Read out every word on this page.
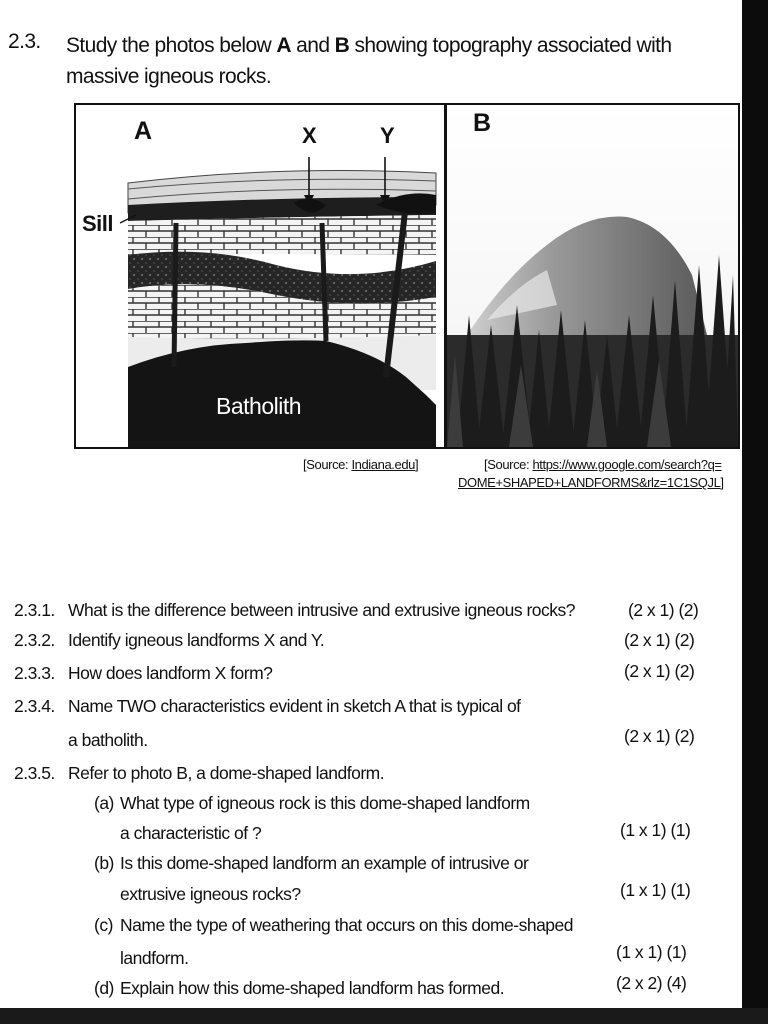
2.3. Study the photos below A and B showing topography associated with massive igneous rocks.
A	X	Y
Sill
Batholith
B
[Source: Indiana.edu]	[Source: https://www.google.com/search?q=
DOME+SHAPED+LANDFORMS&rlz=1C1SQJL]
2.3.1. What is the difference between intrusive and extrusive igneous rocks?	(2 x 1) (2)
2.3.2. Identify igneous landforms X and Y.	(2 x 1) (2)
2.3.3. How does landform X form?	(2 x 1) (2)
2.3.4. Name TWO characteristics evident in sketch A that is typical of
a batholith.	(2 x 1) (2)
2.3.5. Refer to photo B, a dome-shaped landform.
(a) What type of igneous rock is this dome-shaped landform
a characteristic of ?	(1 x 1) (1)
(b) Is this dome-shaped landform an example of intrusive or
extrusive igneous rocks?	(1 x 1) (1)
(c) Name the type of weathering that occurs on this dome-shaped
landform.	(1 x 1) (1)
(d) Explain how this dome-shaped landform has formed.	(2 x 2) (4)
